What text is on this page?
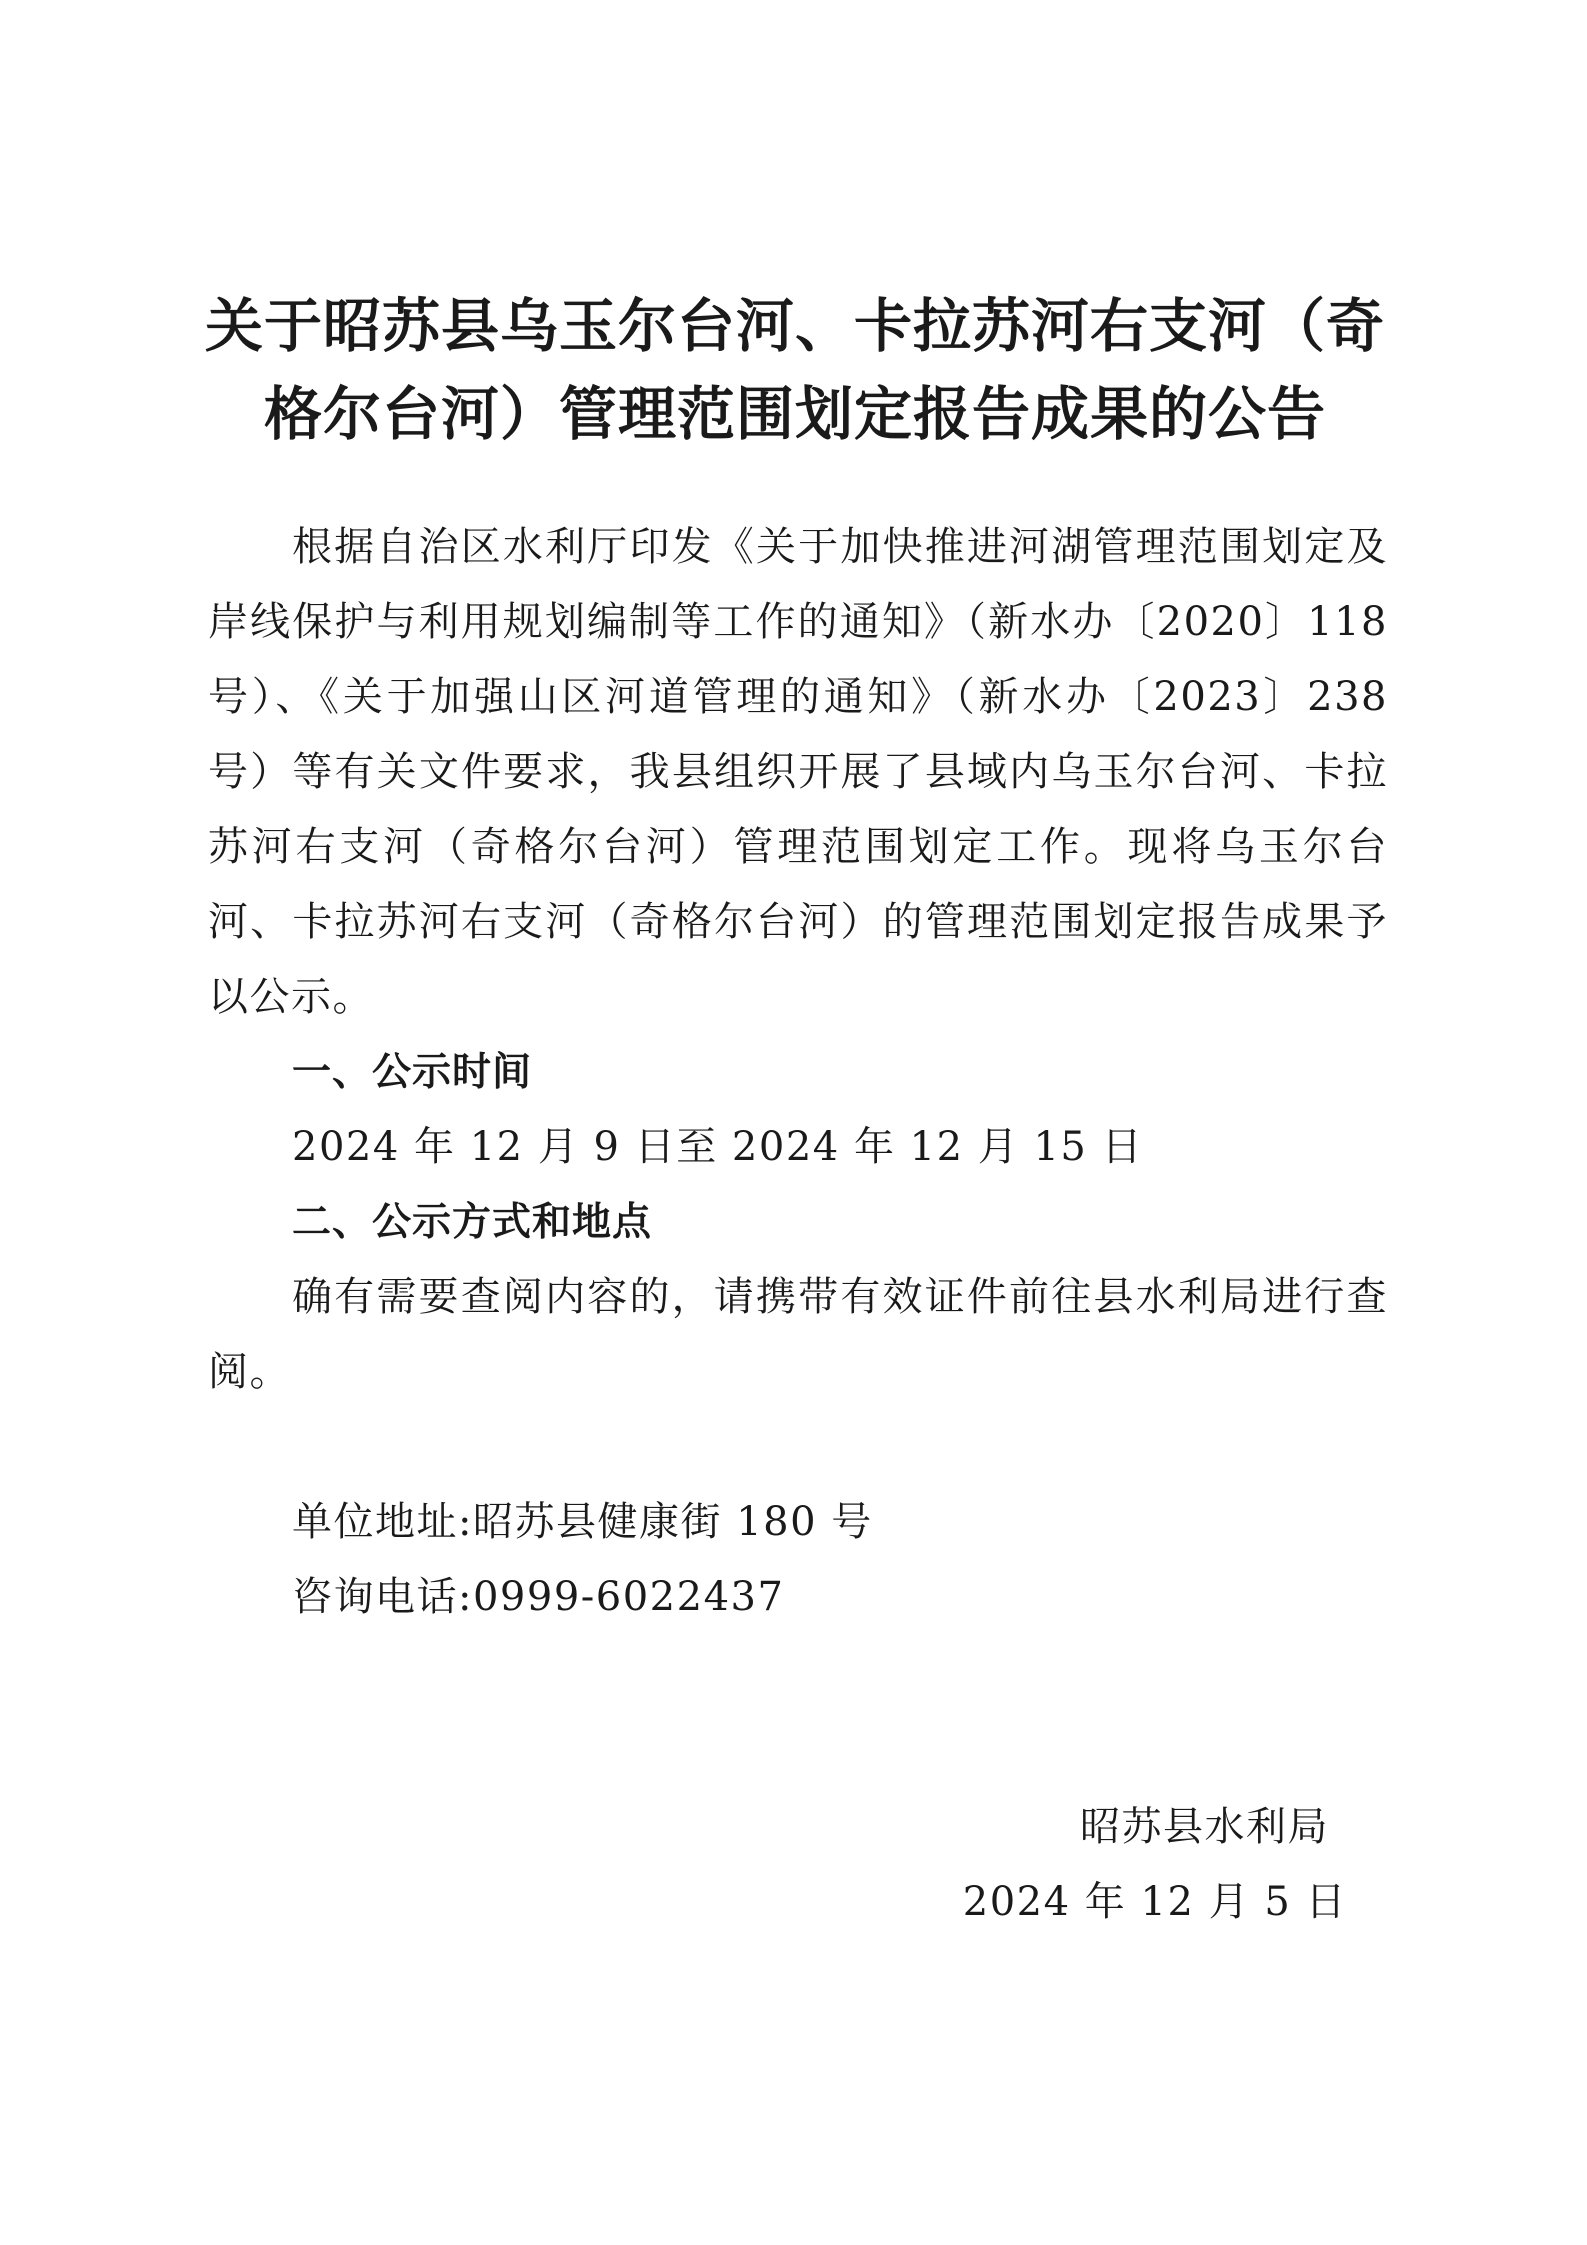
关于昭苏县乌玉尔台河、卡拉苏河右支河（奇
格尔台河）管理范围划定报告成果的公告

根据自治区水利厅印发《关于加快推进河湖管理范围划定及岸线保护与利用规划编制等工作的通知》（新水办〔2020〕118号）、《关于加强山区河道管理的通知》（新水办〔2023〕238号）等有关文件要求，我县组织开展了县域内乌玉尔台河、卡拉苏河右支河（奇格尔台河）管理范围划定工作。现将乌玉尔台河、卡拉苏河右支河（奇格尔台河）的管理范围划定报告成果予以公示。

一、公示时间

2024 年 12 月 9 日至 2024 年 12 月 15 日

二、公示方式和地点

确有需要查阅内容的，请携带有效证件前往县水利局进行查阅。

单位地址:昭苏县健康街 180 号

咨询电话:0999-6022437

昭苏县水利局
2024 年 12 月 5 日
